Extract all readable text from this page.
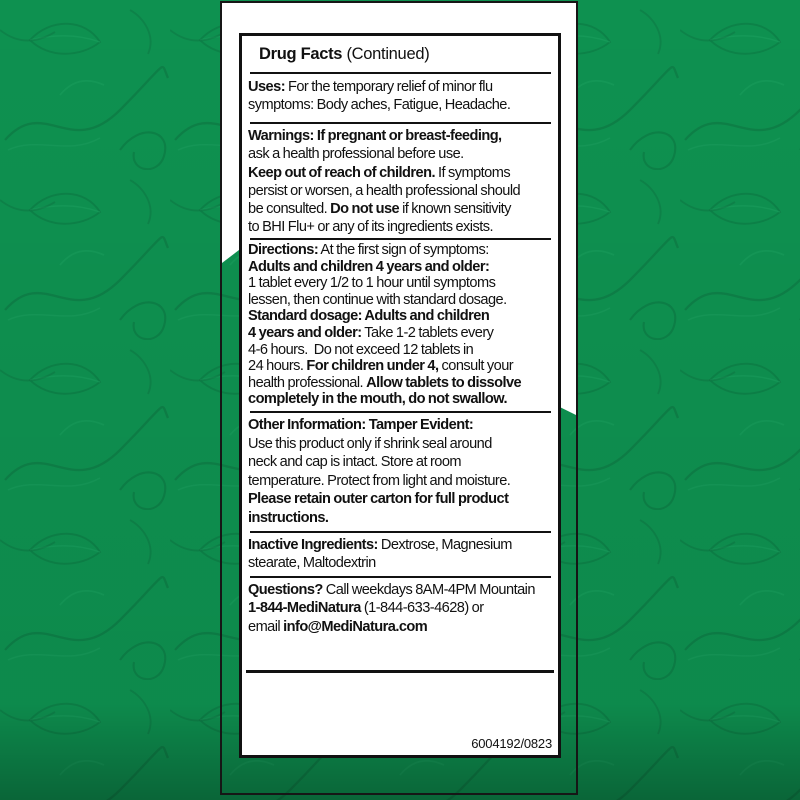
Drug Facts (Continued)
Uses: For the temporary relief of minor flu
symptoms: Body aches, Fatigue, Headache.
Warnings: If pregnant or breast-feeding,
ask a health professional before use.
Keep out of reach of children. If symptoms
persist or worsen, a health professional should
be consulted. Do not use if known sensitivity
to BHI Flu+ or any of its ingredients exists.
Directions: At the first sign of symptoms:
Adults and children 4 years and older:
1 tablet every 1/2 to 1 hour until symptoms
lessen, then continue with standard dosage.
Standard dosage: Adults and children
4 years and older: Take 1-2 tablets every
4-6 hours.  Do not exceed 12 tablets in
24 hours. For children under 4, consult your
health professional. Allow tablets to dissolve
completely in the mouth, do not swallow.
Other Information: Tamper Evident:
Use this product only if shrink seal around
neck and cap is intact. Store at room
temperature. Protect from light and moisture.
Please retain outer carton for full product
instructions.
Inactive Ingredients: Dextrose, Magnesium
stearate, Maltodextrin
Questions? Call weekdays 8AM-4PM Mountain
1-844-MediNatura (1-844-633-4628) or
email info@MediNatura.com
6004192/0823
